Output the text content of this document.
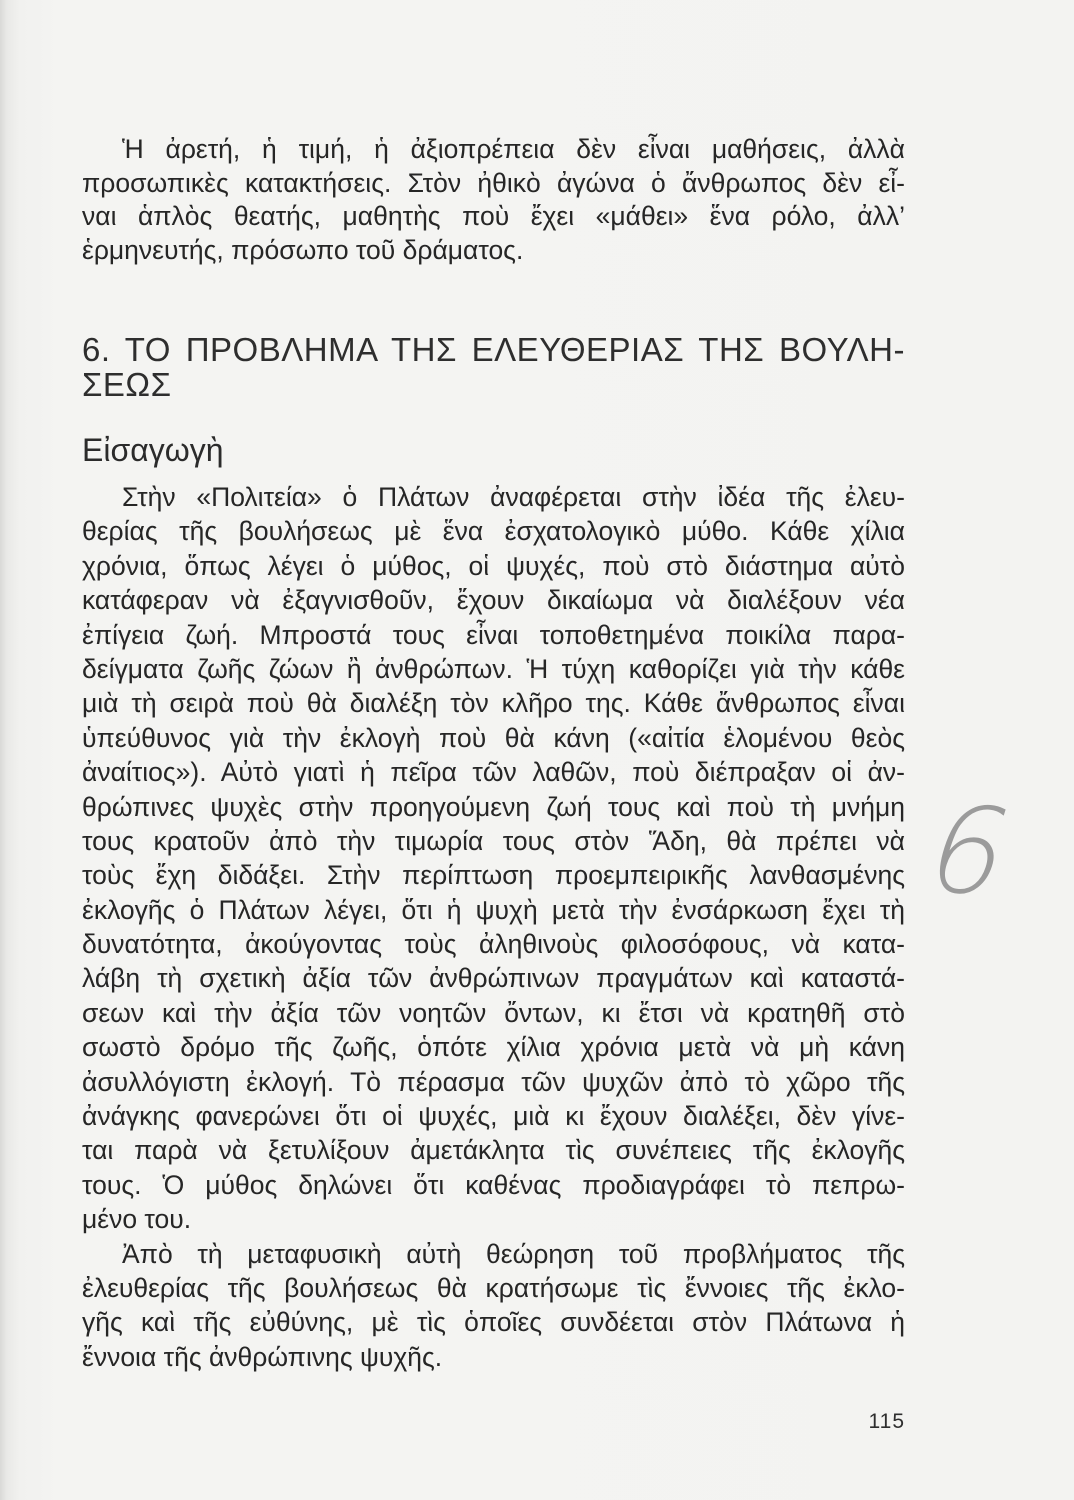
Ἡ ἀρετή, ἡ τιμή, ἡ ἀξιοπρέπεια δὲν εἶναι μαθήσεις, ἀλλὰ
προσωπικὲς κατακτήσεις. Στὸν ἠθικὸ ἀγώνα ὁ ἄνθρωπος δὲν εἶ-
ναι ἁπλὸς θεατής, μαθητὴς ποὺ ἔχει «μάθει» ἕνα ρόλο, ἀλλ’
ἑρμηνευτής, πρόσωπο τοῦ δράματος.
6. ΤΟ ΠΡΟΒΛΗΜΑ ΤΗΣ ΕΛΕΥΘΕΡΙΑΣ ΤΗΣ ΒΟΥΛΗ-
ΣΕΩΣ
Εἰσαγωγὴ
Στὴν «Πολιτεία» ὁ Πλάτων ἀναφέρεται στὴν ἰδέα τῆς ἐλευ-
θερίας τῆς βουλήσεως μὲ ἕνα ἐσχατολογικὸ μύθο. Κάθε χίλια
χρόνια, ὅπως λέγει ὁ μύθος, οἱ ψυχές, ποὺ στὸ διάστημα αὐτὸ
κατάφεραν νὰ ἐξαγνισθοῦν, ἔχουν δικαίωμα νὰ διαλέξουν νέα
ἐπίγεια ζωή. Μπροστά τους εἶναι τοποθετημένα ποικίλα παρα-
δείγματα ζωῆς ζώων ἢ ἀνθρώπων. Ἡ τύχη καθορίζει γιὰ τὴν κάθε
μιὰ τὴ σειρὰ ποὺ θὰ διαλέξη τὸν κλῆρο της. Κάθε ἄνθρωπος εἶναι
ὑπεύθυνος γιὰ τὴν ἐκλογὴ ποὺ θὰ κάνη («αἰτία ἑλομένου θεὸς
ἀναίτιος»). Αὐτὸ γιατὶ ἡ πεῖρα τῶν λαθῶν, ποὺ διέπραξαν οἱ ἀν-
θρώπινες ψυχὲς στὴν προηγούμενη ζωή τους καὶ ποὺ τὴ μνήμη
τους κρατοῦν ἀπὸ τὴν τιμωρία τους στὸν Ἅδη, θὰ πρέπει νὰ
τοὺς ἔχη διδάξει. Στὴν περίπτωση προεμπειρικῆς λανθασμένης
ἐκλογῆς ὁ Πλάτων λέγει, ὅτι ἡ ψυχὴ μετὰ τὴν ἐνσάρκωση ἔχει τὴ
δυνατότητα, ἀκούγοντας τοὺς ἀληθινοὺς φιλοσόφους, νὰ κατα-
λάβη τὴ σχετικὴ ἀξία τῶν ἀνθρώπινων πραγμάτων καὶ καταστά-
σεων καὶ τὴν ἀξία τῶν νοητῶν ὄντων, κι ἔτσι νὰ κρατηθῆ στὸ
σωστὸ δρόμο τῆς ζωῆς, ὁπότε χίλια χρόνια μετὰ νὰ μὴ κάνη
ἀσυλλόγιστη ἐκλογή. Τὸ πέρασμα τῶν ψυχῶν ἀπὸ τὸ χῶρο τῆς
ἀνάγκης φανερώνει ὅτι οἱ ψυχές, μιὰ κι ἔχουν διαλέξει, δὲν γίνε-
ται παρὰ νὰ ξετυλίξουν ἀμετάκλητα τὶς συνέπειες τῆς ἐκλογῆς
τους. Ὁ μύθος δηλώνει ὅτι καθένας προδιαγράφει τὸ πεπρω-
μένο του.
Ἀπὸ τὴ μεταφυσικὴ αὐτὴ θεώρηση τοῦ προβλήματος τῆς
ἐλευθερίας τῆς βουλήσεως θὰ κρατήσωμε τὶς ἔννοιες τῆς ἐκλο-
γῆς καὶ τῆς εὐθύνης, μὲ τὶς ὁποῖες συνδέεται στὸν Πλάτωνα ἡ
ἔννοια τῆς ἀνθρώπινης ψυχῆς.
6
115
